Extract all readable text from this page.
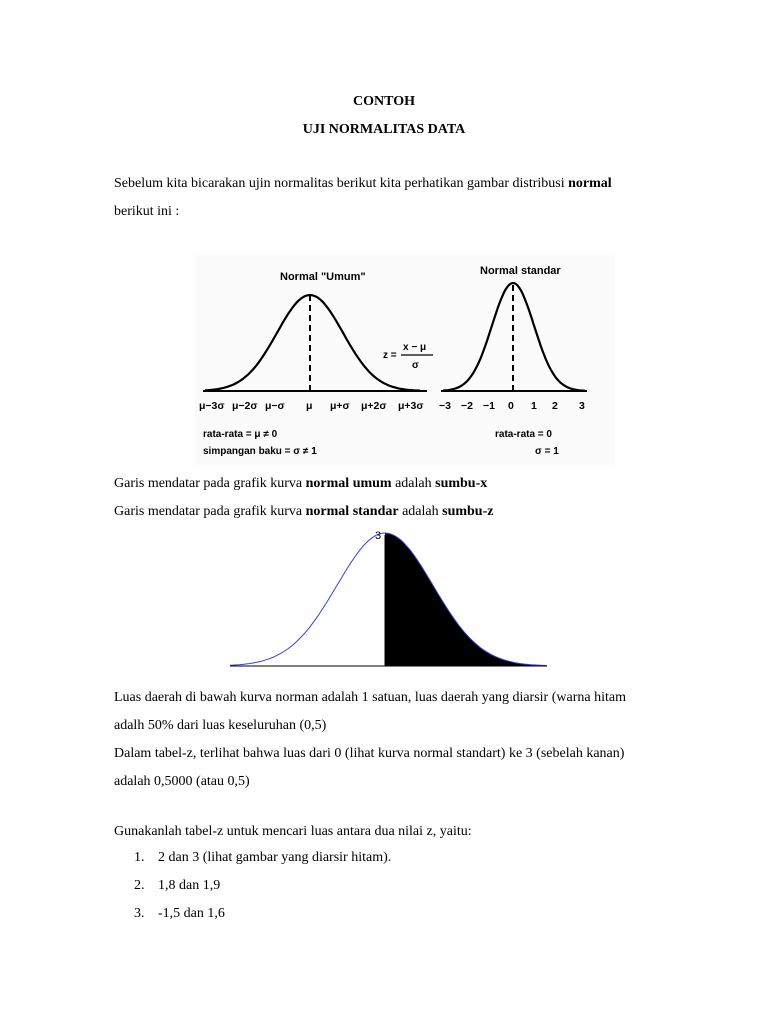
CONTOH
UJI NORMALITAS DATA
Sebelum kita bicarakan ujin normalitas berikut kita perhatikan gambar distribusi normal
berikut ini :
Normal "Umum"
μ−3σ μ−2σ μ−σ μ μ+σ μ+2σ μ+3σ
z =
x − μ
σ
Normal standar
−3 −2 −1 0 1 2 3
rata-rata = μ ≠ 0
simpangan baku = σ ≠ 1
rata-rata = 0
σ = 1
Garis mendatar pada grafik kurva normal umum adalah sumbu-x
Garis mendatar pada grafik kurva normal standar adalah sumbu-z
3
Luas daerah di bawah kurva norman adalah 1 satuan, luas daerah yang diarsir (warna hitam adalh 50% dari luas keseluruhan (0,5)
Dalam tabel-z, terlihat bahwa luas dari 0 (lihat kurva normal standart) ke 3 (sebelah kanan) adalah 0,5000 (atau 0,5)
Gunakanlah tabel-z untuk mencari luas antara dua nilai z, yaitu:
1. 2 dan 3 (lihat gambar yang diarsir hitam).
2. 1,8 dan 1,9
3. -1,5 dan 1,6
